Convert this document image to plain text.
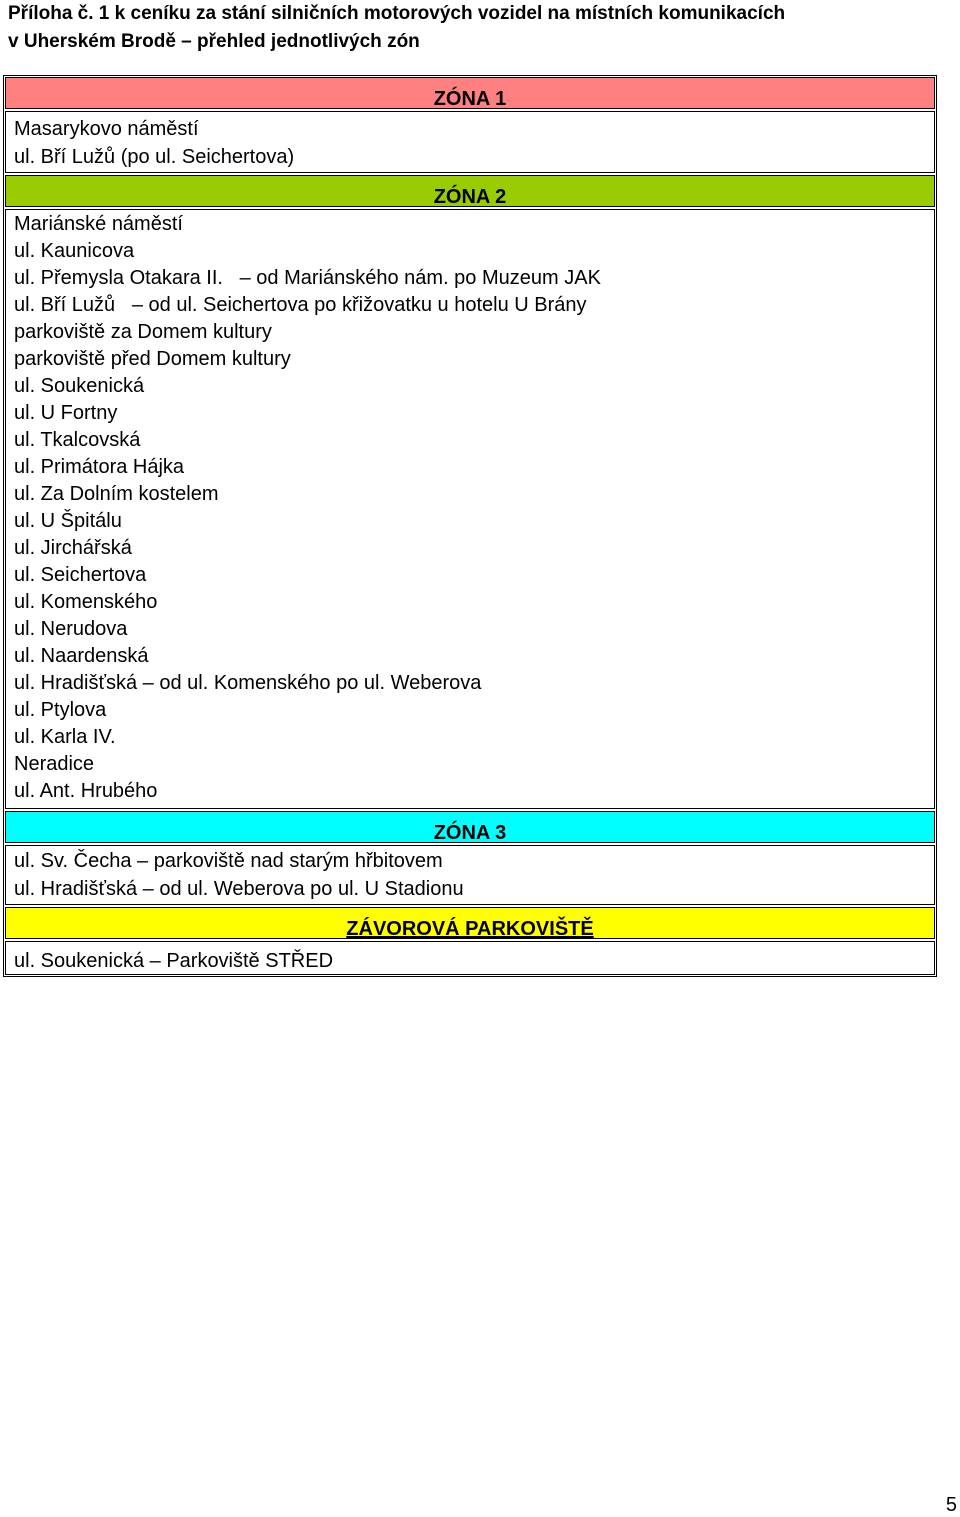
Příloha č. 1 k ceníku za stání silničních motorových vozidel na místních komunikacích
v Uherském Brodě – přehled jednotlivých zón
ZÓNA 1
Masarykovo náměstí
ul. Bří Lužů (po ul. Seichertova)
ZÓNA 2
Mariánské náměstí
ul. Kaunicova
ul. Přemysla Otakara II.   – od Mariánského nám. po Muzeum JAK
ul. Bří Lužů   – od ul. Seichertova po křižovatku u hotelu U Brány
parkoviště za Domem kultury
parkoviště před Domem kultury
ul. Soukenická
ul. U Fortny
ul. Tkalcovská
ul. Primátora Hájka
ul. Za Dolním kostelem
ul. U Špitálu
ul. Jirchářská
ul. Seichertova
ul. Komenského
ul. Nerudova
ul. Naardenská
ul. Hradišťská – od ul. Komenského po ul. Weberova
ul. Ptylova
ul. Karla IV.
Neradice
ul. Ant. Hrubého
ZÓNA 3
ul. Sv. Čecha – parkoviště nad starým hřbitovem
ul. Hradišťská – od ul. Weberova po ul. U Stadionu
ZÁVOROVÁ PARKOVIŠTĚ
ul. Soukenická – Parkoviště STŘED
5
